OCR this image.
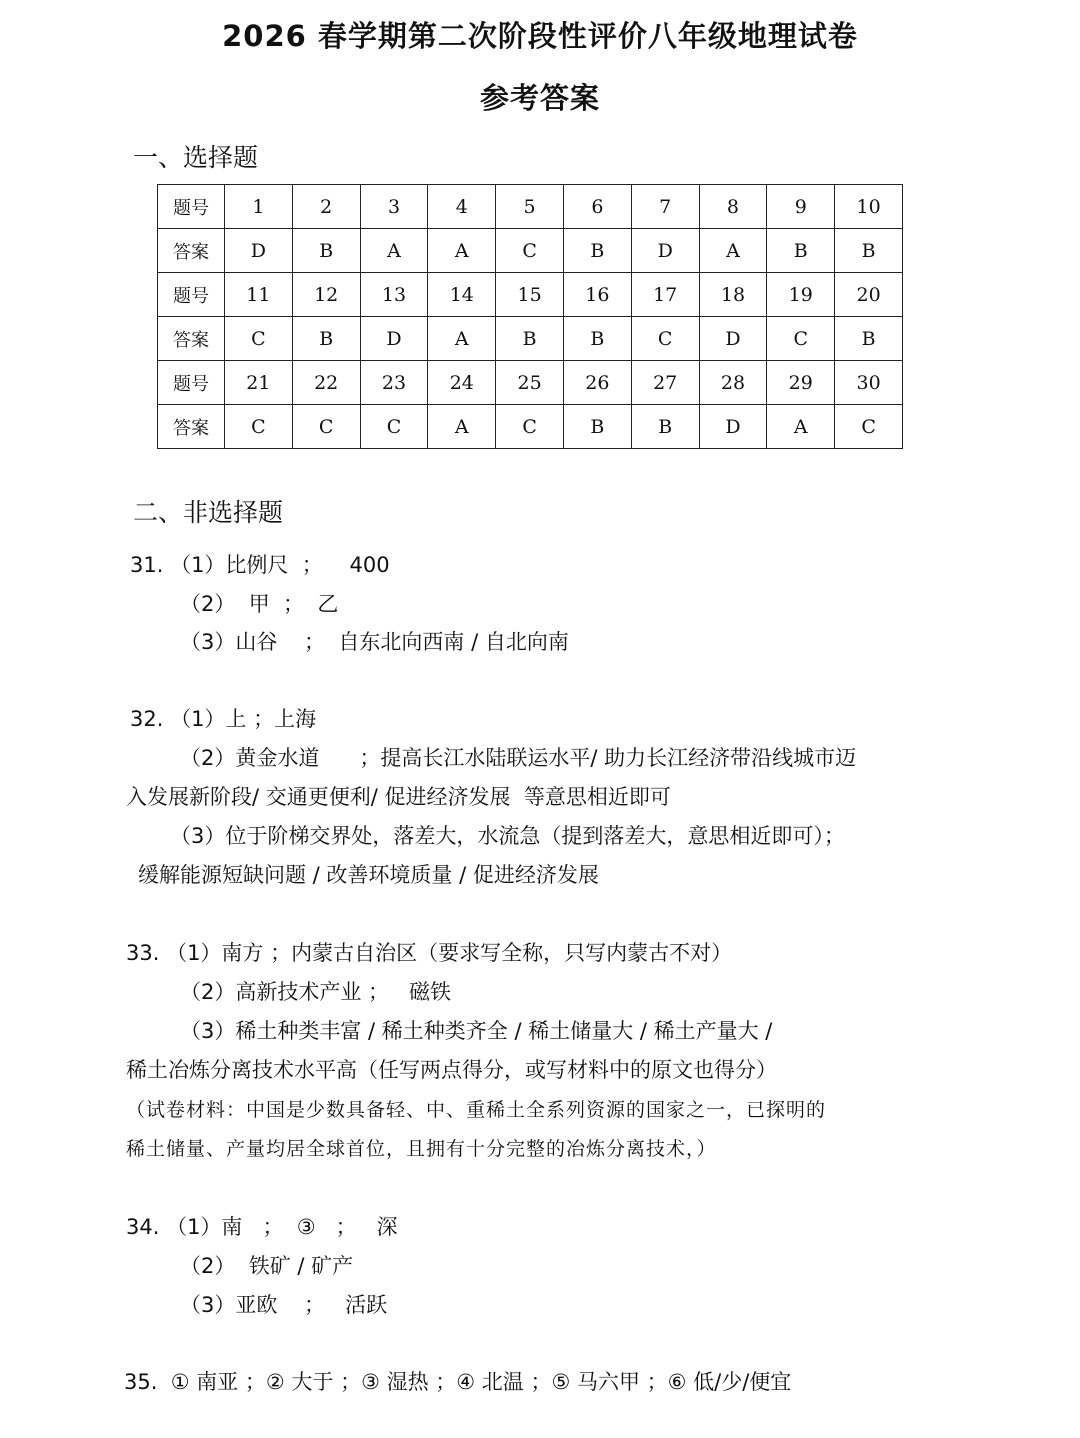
2026 春学期第二次阶段性评价八年级地理试卷
参考答案
一、选择题
题号	1	2	3	4	5	6	7	8	9	10
答案	D	B	A	A	C	B	D	A	B	B
题号	11	12	13	14	15	16	17	18	19	20
答案	C	B	D	A	B	B	C	D	C	B
题号	21	22	23	24	25	26	27	28	29	30
答案	C	C	C	A	C	B	B	D	A	C
二、非选择题
31. （1）比例尺  ；    400
（2）  甲  ；  乙
（3）山谷    ；  自东北向西南 / 自北向南
32. （1）上 ；上海
（2）黄金水道      ；提高长江水陆联运水平/ 助力长江经济带沿线城市迈
入发展新阶段/ 交通更便利/ 促进经济发展  等意思相近即可
（3）位于阶梯交界处，落差大，水流急（提到落差大，意思相近即可）；
缓解能源短缺问题 / 改善环境质量 / 促进经济发展
33. （1）南方 ；内蒙古自治区（要求写全称，只写内蒙古不对）
（2）高新技术产业 ；   磁铁
（3）稀土种类丰富 / 稀土种类齐全 / 稀土储量大 / 稀土产量大 /
稀土冶炼分离技术水平高（任写两点得分，或写材料中的原文也得分）
（试卷材料：中国是少数具备轻、中、重稀土全系列资源的国家之一，已探明的
稀土储量、产量均居全球首位，且拥有十分完整的冶炼分离技术，）
34. （1）南   ；  ③   ；   深
（2）  铁矿 / 矿产
（3）亚欧    ；   活跃
35.  ① 南亚 ；② 大于 ；③ 湿热 ；④ 北温 ；⑤ 马六甲 ；⑥ 低/少/便宜
